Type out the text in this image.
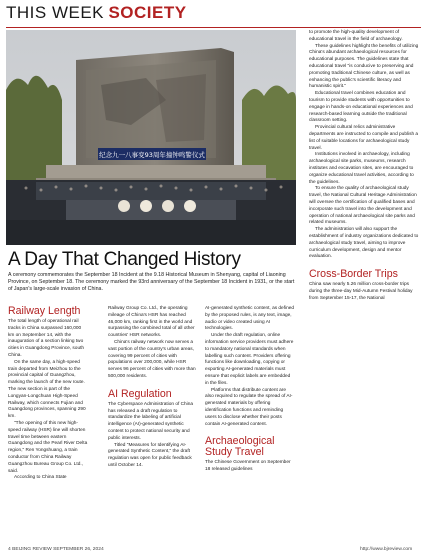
THIS WEEK SOCIETY
纪念九一八事变93周年撞钟鸣警仪式
A Day That Changed History
A ceremony commemorates the September 18 Incident at the 9.18 Historical Museum in Shenyang, capital of Liaoning Province, on September 18. The ceremony marked the 93rd anniversary of the September 18 Incident in 1931, or the start of Japan's large-scale invasion of China.
Railway Length

The total length of operational rail tracks in China surpassed 160,000 km on September 14, with the inauguration of a section linking two cities in Guangdong Province, south China.

On the same day, a high-speed train departed from Meizhou to the provincial capital of Guangzhou, marking the launch of the new route. The new section is part of the Longyan-Longchuan High-Speed Railway, which connects Fujian and Guangdong provinces, spanning 290 km.

"The opening of this new high-speed railway (HSR) line will shorten travel time between eastern Guangdong and the Pearl River Delta region," Ren Yongshuang, a train conductor from China Railway Guangzhou Bureau Group Co. Ltd., said.

According to China State

Railway Group Co. Ltd., the operating mileage of China's HSR has reached 46,000 km, ranking first in the world and surpassing the combined total of all other countries' HSR networks.

China's railway network now serves a vast portion of the country's urban areas, covering 99 percent of cities with populations over 200,000, while HSR serves 96 percent of cities with more than 500,000 residents.

AI Regulation

The Cyberspace Administration of China has released a draft regulation to standardize the labeling of artificial intelligence (AI)-generated synthetic content to protect national security and public interests.

Titled "Measures for Identifying AI-generated Synthetic Content," the draft regulation was open for public feedback until October 14.

AI-generated synthetic content, as defined by the proposed rules, is any text, image, audio or video created using AI technologies.

Under the draft regulation, online information service providers must adhere to mandatory national standards when labelling such content. Providers offering functions like downloading, copying or exporting AI-generated materials must ensure that explicit labels are embedded in the files.

Platforms that distribute content are also required to regulate the spread of AI-generated materials by offering identification functions and reminding users to disclose whether their posts contain AI-generated content.

Archaeological
Study Travel

The Chinese Government on September 18 released guidelines

to promote the high-quality development of educational travel in the field of archaeology.

These guidelines highlight the benefits of utilizing China's abundant archaeological resources for educational purposes. The guidelines state that educational travel "is conducive to preserving and promoting traditional Chinese culture, as well as enhancing the public's scientific literacy and humanistic spirit."

Educational travel combines education and tourism to provide students with opportunities to engage in hands-on educational experiences and research-based learning outside the traditional classroom setting.

Provincial cultural relics administrative departments are instructed to compile and publish a list of suitable locations for archaeological study travel.

Institutions involved in archaeology, including archaeological site parks, museums, research institutes and excavation sites, are encouraged to organize educational travel activities, according to the guidelines.

To ensure the quality of archaeological study travel, the National Cultural Heritage Administration will oversee the certification of qualified bases and incorporate such travel into the development and operation of national archaeological site parks and related museums.

The administration will also support the establishment of industry organizations dedicated to archaeological study travel, aiming to improve curriculum development, design and mentor evaluation.

Cross-Border Trips

China saw nearly 5.26 million cross-border trips during the three-day Mid-Autumn Festival holiday from September 15-17, the National

4 BEIJING REVIEW SEPTEMBER 26, 2024	http://www.bjreview.com
